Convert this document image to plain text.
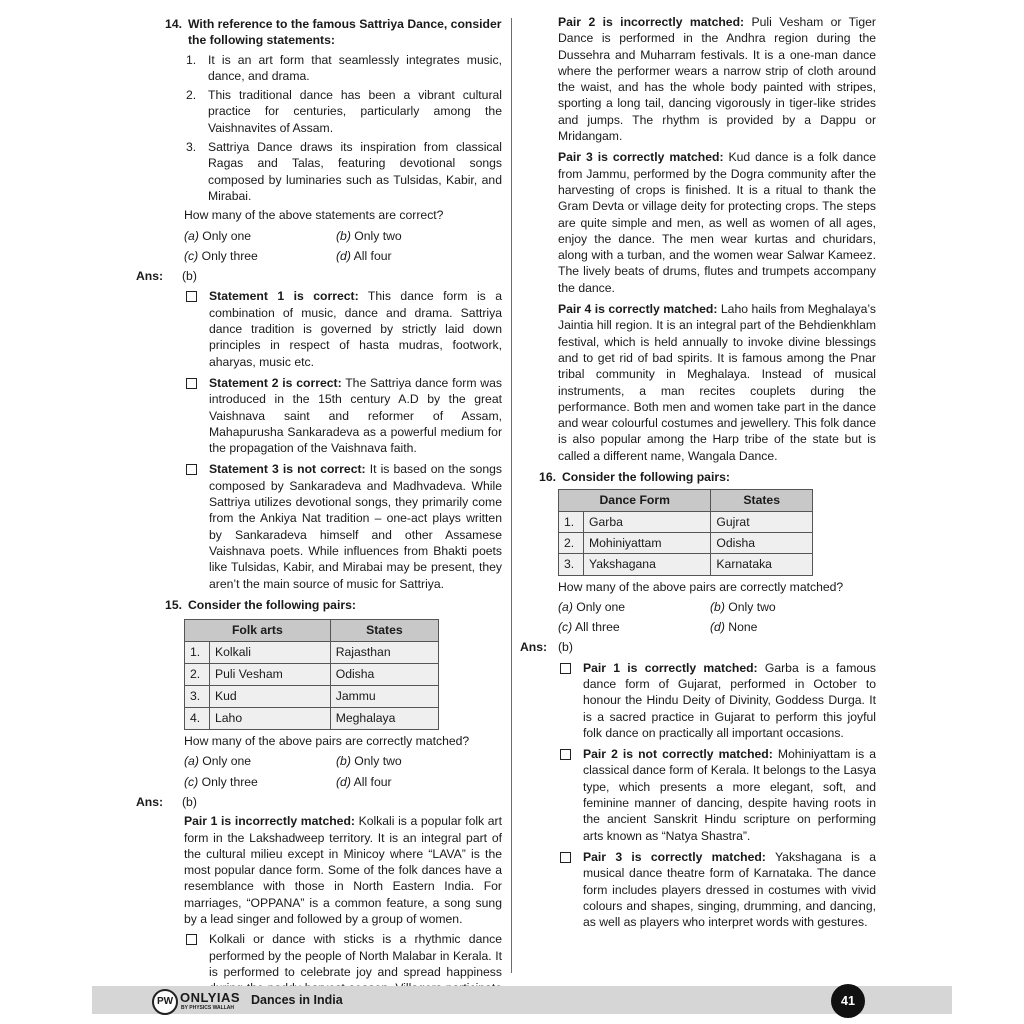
14. With reference to the famous Sattriya Dance, consider the following statements:
1. It is an art form that seamlessly integrates music, dance, and drama.
2. This traditional dance has been a vibrant cultural practice for centuries, particularly among the Vaishnavites of Assam.
3. Sattriya Dance draws its inspiration from classical Ragas and Talas, featuring devotional songs composed by luminaries such as Tulsidas, Kabir, and Mirabai.
How many of the above statements are correct?
(a) Only one	(b) Only two
(c) Only three	(d) All four
Ans:	(b)
Statement 1 is correct: This dance form is a combination of music, dance and drama. Sattriya dance tradition is governed by strictly laid down principles in respect of hasta mudras, footwork, aharyas, music etc.
Statement 2 is correct: The Sattriya dance form was introduced in the 15th century A.D by the great Vaishnava saint and reformer of Assam, Mahapurusha Sankaradeva as a powerful medium for the propagation of the Vaishnava faith.
Statement 3 is not correct: It is based on the songs composed by Sankaradeva and Madhvadeva. While Sattriya utilizes devotional songs, they primarily come from the Ankiya Nat tradition – one-act plays written by Sankaradeva himself and other Assamese Vaishnava poets. While influences from Bhakti poets like Tulsidas, Kabir, and Mirabai may be present, they aren’t the main source of music for Sattriya.
15. Consider the following pairs:
Folk arts		States
1.	Kolkali	Rajasthan
2.	Puli Vesham	Odisha
3.	Kud	Jammu
4.	Laho	Meghalaya
How many of the above pairs are correctly matched?
(a) Only one	(b) Only two
(c) Only three	(d) All four
Ans:	(b)
Pair 1 is incorrectly matched: Kolkali is a popular folk art form in the Lakshadweep territory. It is an integral part of the cultural milieu except in Minicoy where “LAVA” is the most popular dance form. Some of the folk dances have a resemblance with those in North Eastern India. For marriages, “OPPANA” is a common feature, a song sung by a lead singer and followed by a group of women.
Kolkali or dance with sticks is a rhythmic dance performed by the people of North Malabar in Kerala. It is performed to celebrate joy and spread happiness
Pair 2 is incorrectly matched: Puli Vesham or Tiger Dance is performed in the Andhra region during the Dussehra and Muharram festivals. It is a one-man dance where the performer wears a narrow strip of cloth around the waist, and has the whole body painted with stripes, sporting a long tail, dancing vigorously in tiger-like strides and jumps. The rhythm is provided by a Dappu or Mridangam.
Pair 3 is correctly matched: Kud dance is a folk dance from Jammu, performed by the Dogra community after the harvesting of crops is finished. It is a ritual to thank the Gram Devta or village deity for protecting crops. The steps are quite simple and men, as well as women of all ages, enjoy the dance. The men wear kurtas and churidars, along with a turban, and the women wear Salwar Kameez. The lively beats of drums, flutes and trumpets accompany the dance.
Pair 4 is correctly matched: Laho hails from Meghalaya’s Jaintia hill region. It is an integral part of the Behdienkhlam festival, which is held annually to invoke divine blessings and to get rid of bad spirits. It is famous among the Pnar tribal community in Meghalaya. Instead of musical instruments, a man recites couplets during the performance. Both men and women take part in the dance and wear colourful costumes and jewellery. This folk dance is also popular among the Harp tribe of the state but is called a different name, Wangala Dance.
16. Consider the following pairs:
Dance Form		States
1.	Garba	Gujrat
2.	Mohiniyattam	Odisha
3.	Yakshagana	Karnataka
How many of the above pairs are correctly matched?
(a) Only one	(b) Only two
(c) All three	(d) None
Ans: (b)
Pair 1 is correctly matched: Garba is a famous dance form of Gujarat, performed in October to honour the Hindu Deity of Divinity, Goddess Durga. It is a sacred practice in Gujarat to perform this joyful folk dance on practically all important occasions.
Pair 2 is not correctly matched: Mohiniyattam is a classical dance form of Kerala. It belongs to the Lasya type, which presents a more elegant, soft, and feminine manner of dancing, despite having roots in the ancient Sanskrit Hindu scripture on performing arts known as “Natya Shastra”.
Pair 3 is correctly matched: Yakshagana is a musical dance theatre form of Karnataka. The dance form includes players dressed in costumes with vivid colours and shapes, singing, drumming, and dancing, as well as players who interpret words with gestures.
PW ONLYIAS
BY PHYSICS WALLAH
Dances in India	41
